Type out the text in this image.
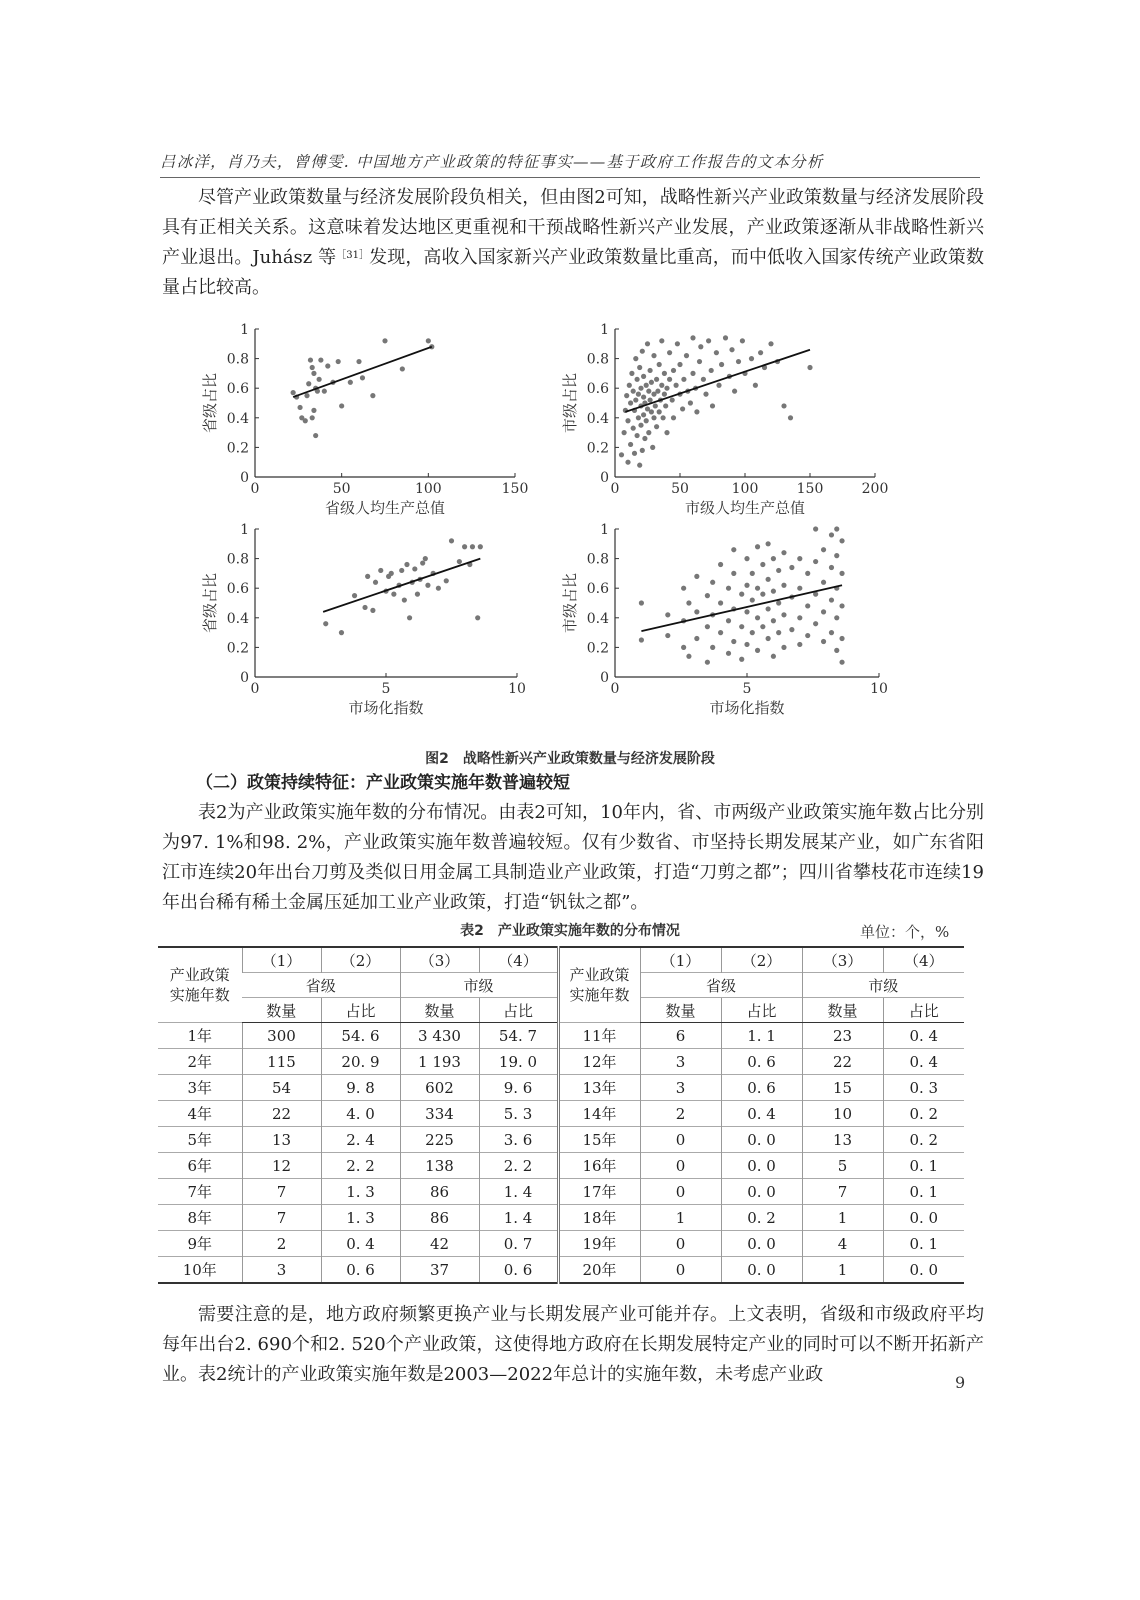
吕冰洋，肖乃夫，曾傅雯. 中国地方产业政策的特征事实——基于政府工作报告的文本分析

尽管产业政策数量与经济发展阶段负相关，但由图2可知，战略性新兴产业政策数量与经济发展阶段具有正相关关系。这意味着发达地区更重视和干预战略性新兴产业发展，产业政策逐渐从非战略性新兴产业退出。Juhász 等$^{[31]}$发现，高收入国家新兴产业政策数量比重高，而中低收入国家传统产业政策数量占比较高。

0	50	100	150
0
0.2
0.4
0.6
0.8
1
省级人均生产总值
省级占比
0	50	100	150	200
0
0.2
0.4
0.6
0.8
1
市级人均生产总值
市级占比
0	5	10
0
0.2
0.4
0.6
0.8
1
市场化指数
省级占比
0	5	10
0
0.2
0.4
0.6
0.8
1
市场化指数
市级占比
图2　战略性新兴产业政策数量与经济发展阶段
（二）政策持续特征：产业政策实施年数普遍较短

表2为产业政策实施年数的分布情况。由表2可知，10年内，省、市两级产业政策实施年数占比分别为97. 1%和98. 2%，产业政策实施年数普遍较短。仅有少数省、市坚持长期发展某产业，如广东省阳江市连续20年出台刀剪及类似日用金属工具制造业产业政策，打造“刀剪之都”；四川省攀枝花市连续19年出台稀有稀土金属压延加工业产业政策，打造“钒钛之都”。

表2　产业政策实施年数的分布情况	单位：个，%
产业政策实施年数	（1）	（2）	（3）	（4）	产业政策实施年数	（1）	（2）	（3）	（4）
	省级		市级			省级		市级	
	数量	占比	数量	占比		数量	占比	数量	占比
1年	300	54. 6	3 430	54. 7	11年	6	1. 1	23	0. 4
2年	115	20. 9	1 193	19. 0	12年	3	0. 6	22	0. 4
3年	54	9. 8	602	9. 6	13年	3	0. 6	15	0. 3
4年	22	4. 0	334	5. 3	14年	2	0. 4	10	0. 2
5年	13	2. 4	225	3. 6	15年	0	0. 0	13	0. 2
6年	12	2. 2	138	2. 2	16年	0	0. 0	5	0. 1
7年	7	1. 3	86	1. 4	17年	0	0. 0	7	0. 1
8年	7	1. 3	86	1. 4	18年	1	0. 2	1	0. 0
9年	2	0. 4	42	0. 7	19年	0	0. 0	4	0. 1
10年	3	0. 6	37	0. 6	20年	0	0. 0	1	0. 0

需要注意的是，地方政府频繁更换产业与长期发展产业可能并存。上文表明，省级和市级政府平均每年出台2. 690个和2. 520个产业政策，这使得地方政府在长期发展特定产业的同时可以不断开拓新产业。表2统计的产业政策实施年数是2003—2022年总计的实施年数，未考虑产业政	9
